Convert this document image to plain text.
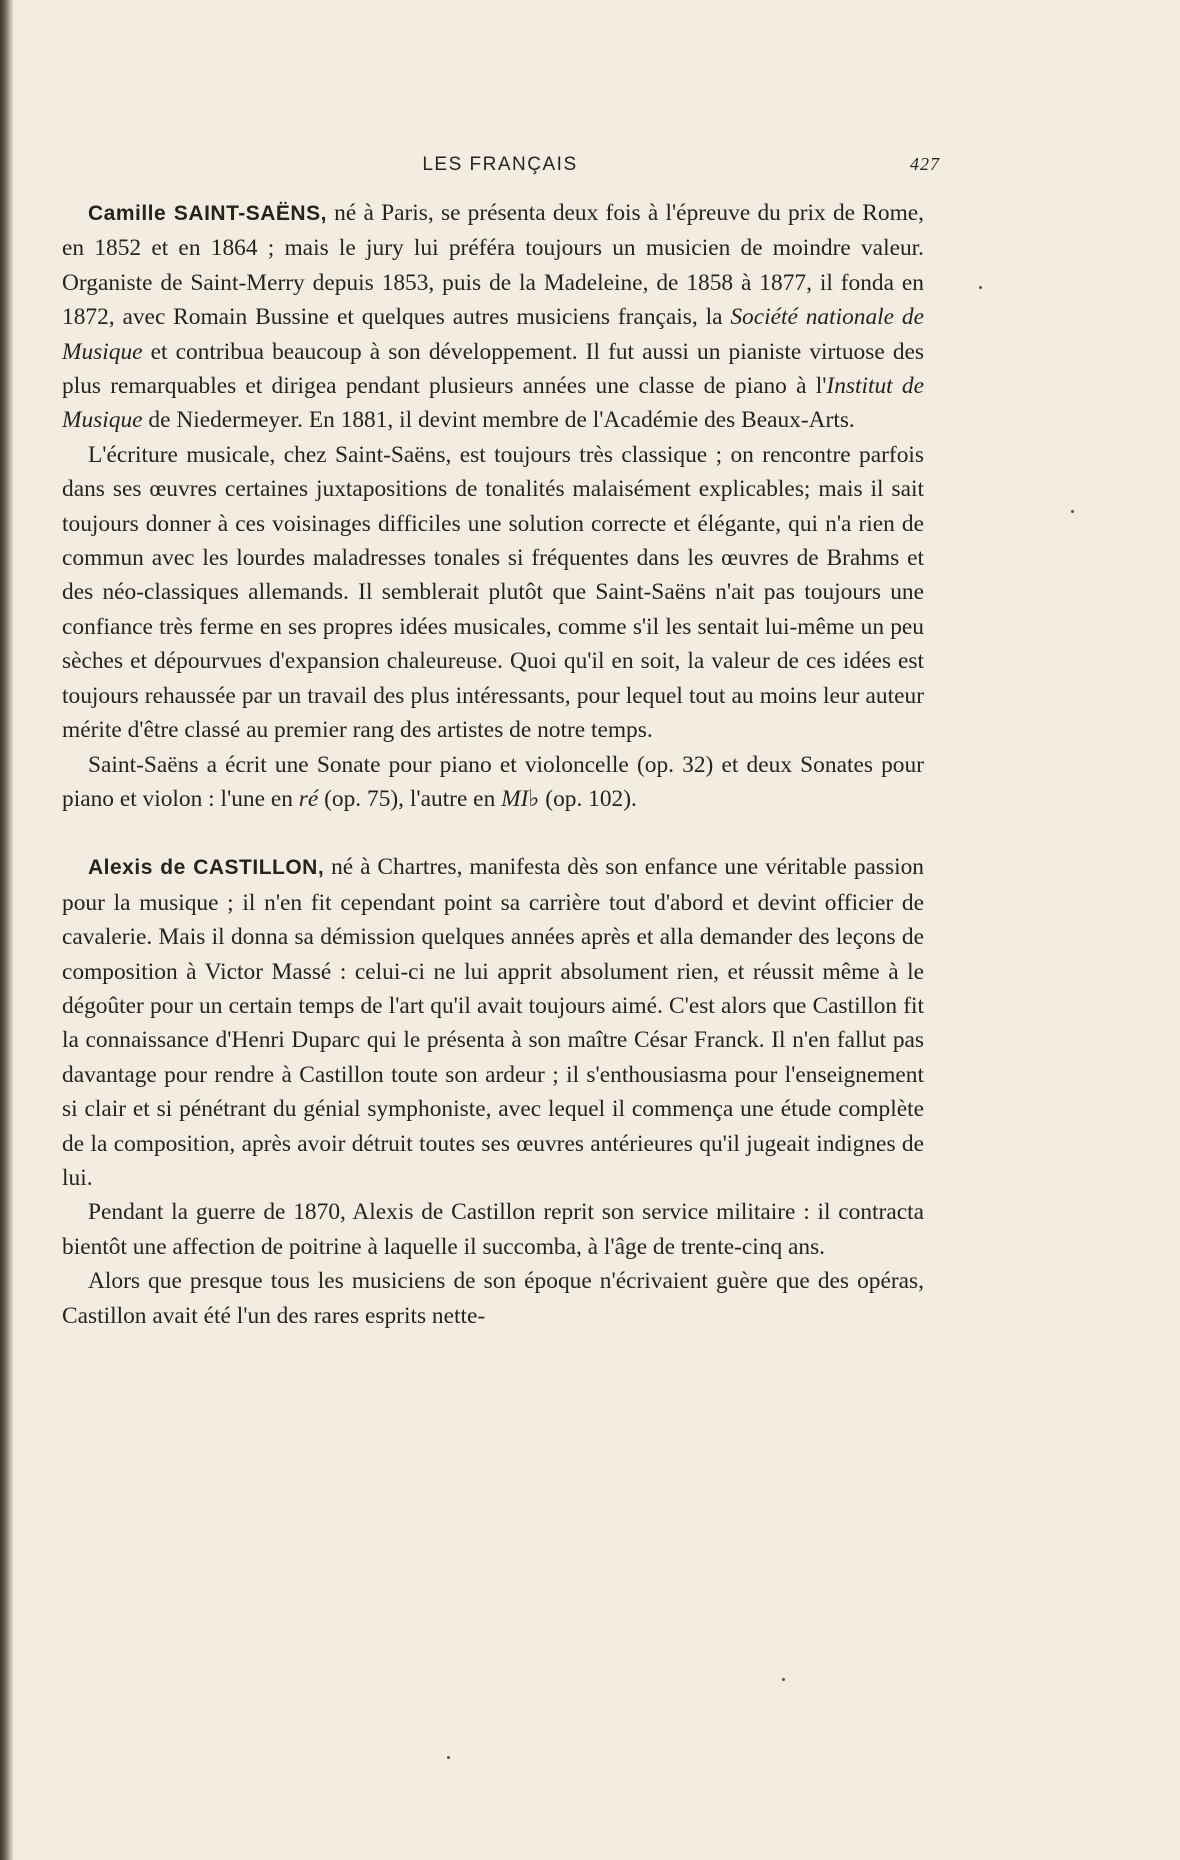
LES FRANÇAIS	427

Camille SAINT-SAËNS, né à Paris, se présenta deux fois à l'épreuve du prix de Rome, en 1852 et en 1864 ; mais le jury lui préféra toujours un musicien de moindre valeur. Organiste de Saint-Merry depuis 1853, puis de la Madeleine, de 1858 à 1877, il fonda en 1872, avec Romain Bussine et quelques autres musiciens français, la Société nationale de Musique et contribua beaucoup à son développement. Il fut aussi un pianiste virtuose des plus remarquables et dirigea pendant plusieurs années une classe de piano à l'Institut de Musique de Niedermeyer. En 1881, il devint membre de l'Académie des Beaux-Arts.

L'écriture musicale, chez Saint-Saëns, est toujours très classique ; on rencontre parfois dans ses œuvres certaines juxtapositions de tonalités malaisément explicables; mais il sait toujours donner à ces voisinages difficiles une solution correcte et élégante, qui n'a rien de commun avec les lourdes maladresses tonales si fréquentes dans les œuvres de Brahms et des néo-classiques allemands. Il semblerait plutôt que Saint-Saëns n'ait pas toujours une confiance très ferme en ses propres idées musicales, comme s'il les sentait lui-même un peu sèches et dépourvues d'expansion chaleureuse. Quoi qu'il en soit, la valeur de ces idées est toujours rehaussée par un travail des plus intéressants, pour lequel tout au moins leur auteur mérite d'être classé au premier rang des artistes de notre temps.

Saint-Saëns a écrit une Sonate pour piano et violoncelle (op. 32) et deux Sonates pour piano et violon : l'une en ré (op. 75), l'autre en MI♭ (op. 102).

Alexis de CASTILLON, né à Chartres, manifesta dès son enfance une véritable passion pour la musique ; il n'en fit cependant point sa carrière tout d'abord et devint officier de cavalerie. Mais il donna sa démission quelques années après et alla demander des leçons de composition à Victor Massé : celui-ci ne lui apprit absolument rien, et réussit même à le dégoûter pour un certain temps de l'art qu'il avait toujours aimé. C'est alors que Castillon fit la connaissance d'Henri Duparc qui le présenta à son maître César Franck. Il n'en fallut pas davantage pour rendre à Castillon toute son ardeur ; il s'enthousiasma pour l'enseignement si clair et si pénétrant du génial symphoniste, avec lequel il commença une étude complète de la composition, après avoir détruit toutes ses œuvres antérieures qu'il jugeait indignes de lui.

Pendant la guerre de 1870, Alexis de Castillon reprit son service militaire : il contracta bientôt une affection de poitrine à laquelle il succomba, à l'âge de trente-cinq ans.

Alors que presque tous les musiciens de son époque n'écrivaient guère que des opéras, Castillon avait été l'un des rares esprits nette-
